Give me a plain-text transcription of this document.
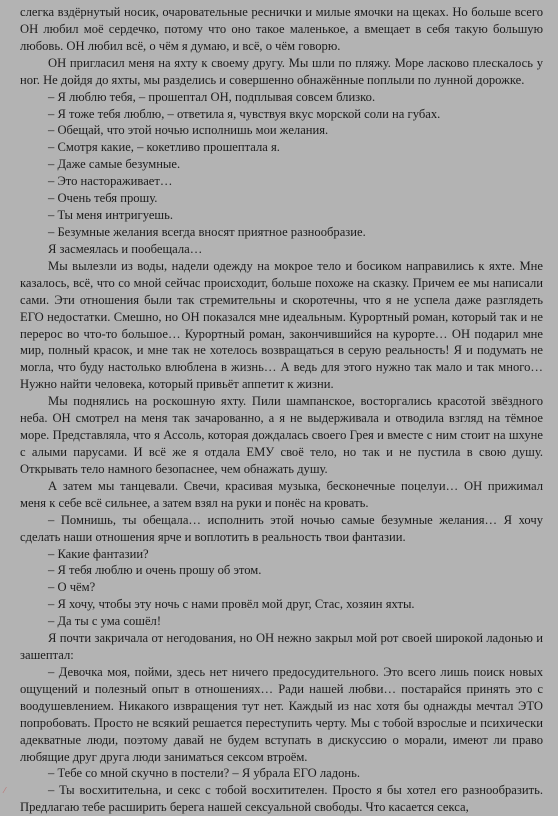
слегка вздёрнутый носик, очаровательные реснички и милые ямочки на щеках. Но больше всего ОН любил моё сердечко, потому что оно такое маленькое, а вмещает в себя такую большую любовь. ОН любил всё, о чём я думаю, и всё, о чём говорю.

ОН пригласил меня на яхту к своему другу. Мы шли по пляжу. Море ласково плескалось у ног. Не дойдя до яхты, мы разделись и совершенно обнажённые поплыли по лунной дорожке.

– Я люблю тебя, – прошептал ОН, подплывая совсем близко.

– Я тоже тебя люблю, – ответила я, чувствуя вкус морской соли на губах.

– Обещай, что этой ночью исполнишь мои желания.

– Смотря какие, – кокетливо прошептала я.

– Даже самые безумные.

– Это настораживает…

– Очень тебя прошу.

– Ты меня интригуешь.

– Безумные желания всегда вносят приятное разнообразие.

Я засмеялась и пообещала…

Мы вылезли из воды, надели одежду на мокрое тело и босиком направились к яхте. Мне казалось, всё, что со мной сейчас происходит, больше похоже на сказку. Причем ее мы написали сами. Эти отношения были так стремительны и скоротечны, что я не успела даже разглядеть ЕГО недостатки. Смешно, но ОН показался мне идеальным. Курортный роман, который так и не перерос во что-то большое… Курортный роман, закончившийся на курорте… ОН подарил мне мир, полный красок, и мне так не хотелось возвращаться в серую реальность! Я и подумать не могла, что буду настолько влюблена в жизнь… А ведь для этого нужно так мало и так много… Нужно найти человека, который привьёт аппетит к жизни.

Мы поднялись на роскошную яхту. Пили шампанское, восторгались красотой звёздного неба. ОН смотрел на меня так зачарованно, а я не выдерживала и отводила взгляд на тёмное море. Представляла, что я Ассоль, которая дождалась своего Грея и вместе с ним стоит на шхуне с алыми парусами. И всё же я отдала ЕМУ своё тело, но так и не пустила в свою душу. Открывать тело намного безопаснее, чем обнажать душу.

А затем мы танцевали. Свечи, красивая музыка, бесконечные поцелуи… ОН прижимал меня к себе всё сильнее, а затем взял на руки и понёс на кровать.

– Помнишь, ты обещала… исполнить этой ночью самые безумные желания… Я хочу сделать наши отношения ярче и воплотить в реальность твои фантазии.

– Какие фантазии?

– Я тебя люблю и очень прошу об этом.

– О чём?

– Я хочу, чтобы эту ночь с нами провёл мой друг, Стас, хозяин яхты.

– Да ты с ума сошёл!

Я почти закричала от негодования, но ОН нежно закрыл мой рот своей широкой ладонью и зашептал:

– Девочка моя, пойми, здесь нет ничего предосудительного. Это всего лишь поиск новых ощущений и полезный опыт в отношениях… Ради нашей любви… постарайся принять это с воодушевлением. Никакого извращения тут нет. Каждый из нас хотя бы однажды мечтал ЭТО попробовать. Просто не всякий решается переступить черту. Мы с тобой взрослые и психически адекватные люди, поэтому давай не будем вступать в дискуссию о морали, имеют ли право любящие друг друга люди заниматься сексом втроём.

– Тебе со мной скучно в постели? – Я убрала ЕГО ладонь.

– Ты восхитительна, и секс с тобой восхитителен. Просто я бы хотел его разнообразить. Предлагаю тебе расширить берега нашей сексуальной свободы. Что касается секса,

⁄
